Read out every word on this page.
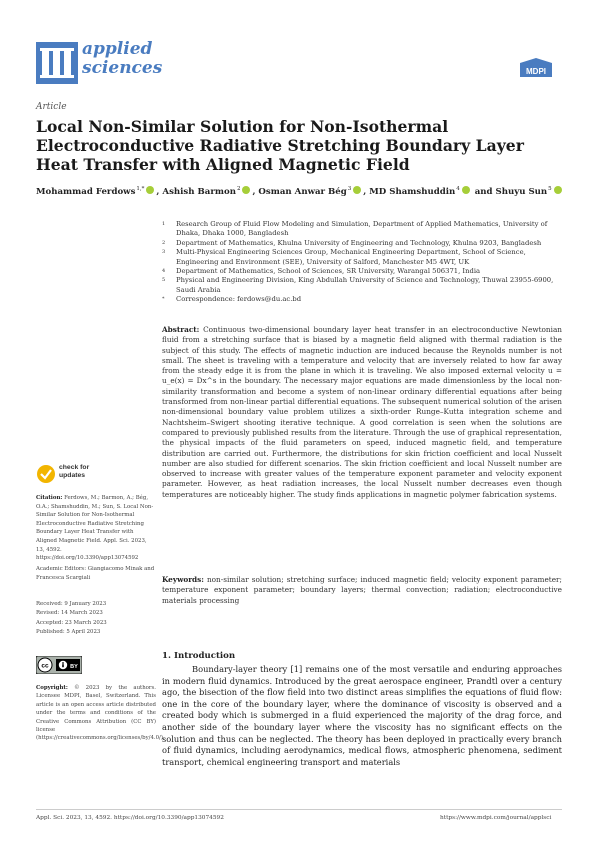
applied
sciences	MDPI
Article
Local Non-Similar Solution for Non-Isothermal Electroconductive Radiative Stretching Boundary Layer Heat Transfer with Aligned Magnetic Field
Mohammad Ferdows$^{1,*}$ , Ashish Barmon$^2$ , Osman Anwar Bég$^3$ , MD Shamshuddin$^4$ and Shuyu Sun$^5$
1	Research Group of Fluid Flow Modeling and Simulation, Department of Applied Mathematics, University of Dhaka, Dhaka 1000, Bangladesh
2	Department of Mathematics, Khulna University of Engineering and Technology, Khulna 9203, Bangladesh
3	Multi-Physical Engineering Sciences Group, Mechanical Engineering Department, School of Science, Engineering and Environment (SEE), University of Salford, Manchester M5 4WT, UK
4	Department of Mathematics, School of Sciences, SR University, Warangal 506371, India
5	Physical and Engineering Division, King Abdullah University of Science and Technology, Thuwal 23955-6900, Saudi Arabia
*	Correspondence: ferdows@du.ac.bd
Abstract: Continuous two-dimensional boundary layer heat transfer in an electroconductive Newtonian fluid from a stretching surface that is biased by a magnetic field aligned with thermal radiation is the subject of this study. The effects of magnetic induction are induced because the Reynolds number is not small. The sheet is traveling with a temperature and velocity that are inversely related to how far away from the steady edge it is from the plane in which it is traveling. We also imposed external velocity u = u_e(x) = Dx^s in the boundary. The necessary major equations are made dimensionless by the local non-similarity transformation and become a system of non-linear ordinary differential equations after being transformed from non-linear partial differential equations. The subsequent numerical solution of the arisen non-dimensional boundary value problem utilizes a sixth-order Runge–Kutta integration scheme and Nachtsheim–Swigert shooting iterative technique. A good correlation is seen when the solutions are compared to previously published results from the literature. Through the use of graphical representation, the physical impacts of the fluid parameters on speed, induced magnetic field, and temperature distribution are carried out. Furthermore, the distributions for skin friction coefficient and local Nusselt number are also studied for different scenarios. The skin friction coefficient and local Nusselt number are observed to increase with greater values of the temperature exponent parameter and velocity exponent parameter. However, as heat radiation increases, the local Nusselt number decreases even though temperatures are noticeably higher. The study finds applications in magnetic polymer fabrication systems.
Keywords: non-similar solution; stretching surface; induced magnetic field; velocity exponent parameter; temperature exponent parameter; boundary layers; thermal convection; radiation; electroconductive materials processing
check for
updates
Citation: Ferdows, M.; Barmon, A.; Bég, O.A.; Shamshuddin, M.; Sun, S. Local Non-Similar Solution for Non-Isothermal Electroconductive Radiative Stretching Boundary Layer Heat Transfer with Aligned Magnetic Field. Appl. Sci. 2023, 13, 4592. https://doi.org/10.3390/app13074592
Academic Editors: Giangiacomo Minak and Francesca Scargiali
Received: 9 January 2023
Revised: 14 March 2023
Accepted: 23 March 2023
Published: 5 April 2023
cc	BY
Copyright: © 2023 by the authors. Licensee MDPI, Basel, Switzerland. This article is an open access article distributed under the terms and conditions of the Creative Commons Attribution (CC BY) license (https://creativecommons.org/licenses/by/4.0/).
1. Introduction
Boundary-layer theory [1] remains one of the most versatile and enduring approaches in modern fluid dynamics. Introduced by the great aerospace engineer, Prandtl over a century ago, the bisection of the flow field into two distinct areas simplifies the equations of fluid flow: one in the core of the boundary layer, where the dominance of viscosity is observed and a created body which is submerged in a fluid experienced the majority of the drag force, and another side of the boundary layer where the viscosity has no significant effects on the solution and thus can be neglected. The theory has been deployed in practically every branch of fluid dynamics, including aerodynamics, medical flows, atmospheric phenomena, sediment transport, chemical engineering transport and materials
Appl. Sci. 2023, 13, 4592. https://doi.org/10.3390/app13074592	https://www.mdpi.com/journal/applsci
